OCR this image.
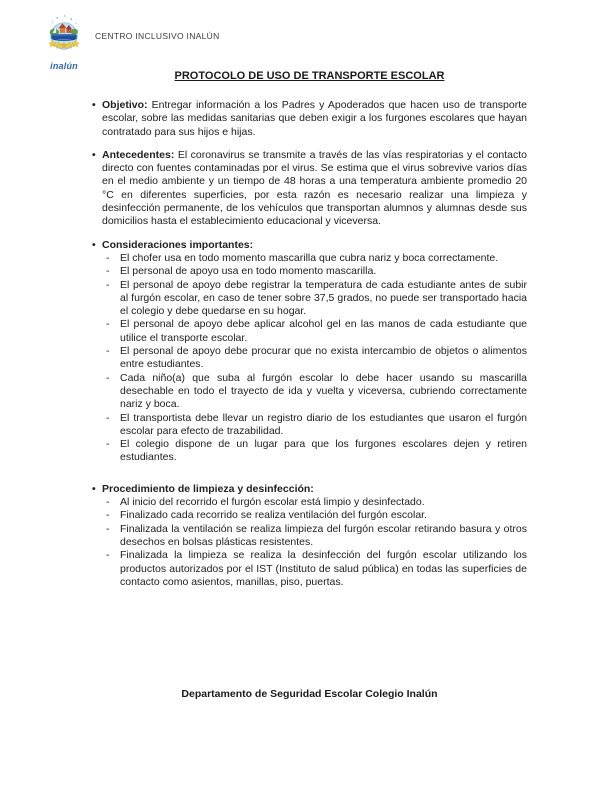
inalún
CENTRO INCLUSIVO INALÚN
PROTOCOLO DE USO DE TRANSPORTE ESCOLAR

• Objetivo: Entregar información a los Padres y Apoderados que hacen uso de transporte escolar, sobre las medidas sanitarias que deben exigir a los furgones escolares que hayan contratado para sus hijos e hijas.

• Antecedentes: El coronavirus se transmite a través de las vías respiratorias y el contacto directo con fuentes contaminadas por el virus. Se estima que el virus sobrevive varios días en el medio ambiente y un tiempo de 48 horas a una temperatura ambiente promedio 20 °C en diferentes superficies, por esta razón es necesario realizar una limpieza y desinfección permanente, de los vehículos que transportan alumnos y alumnas desde sus domicilios hasta el establecimiento educacional y viceversa.

• Consideraciones importantes:

- El chofer usa en todo momento mascarilla que cubra nariz y boca correctamente.

- El personal de apoyo usa en todo momento mascarilla.

- El personal de apoyo debe registrar la temperatura de cada estudiante antes de subir al furgón escolar, en caso de tener sobre 37,5 grados, no puede ser transportado hacia el colegio y debe quedarse en su hogar.

- El personal de apoyo debe aplicar alcohol gel en las manos de cada estudiante que utilice el transporte escolar.

- El personal de apoyo debe procurar que no exista intercambio de objetos o alimentos entre estudiantes.

- Cada niño(a) que suba al furgón escolar lo debe hacer usando su mascarilla desechable en todo el trayecto de ida y vuelta y viceversa, cubriendo correctamente nariz y boca.

- El transportista debe llevar un registro diario de los estudiantes que usaron el furgón escolar para efecto de trazabilidad.

- El colegio dispone de un lugar para que los furgones escolares dejen y retiren estudiantes.

• Procedimiento de limpieza y desinfección:

- Al inicio del recorrido el furgón escolar está limpio y desinfectado.

- Finalizado cada recorrido se realiza ventilación del furgón escolar.

- Finalizada la ventilación se realiza limpieza del furgón escolar retirando basura y otros desechos en bolsas plásticas resistentes.

- Finalizada la limpieza se realiza la desinfección del furgón escolar utilizando los productos autorizados por el IST (Instituto de salud pública) en todas las superficies de contacto como asientos, manillas, piso, puertas.

Departamento de Seguridad Escolar Colegio Inalún
